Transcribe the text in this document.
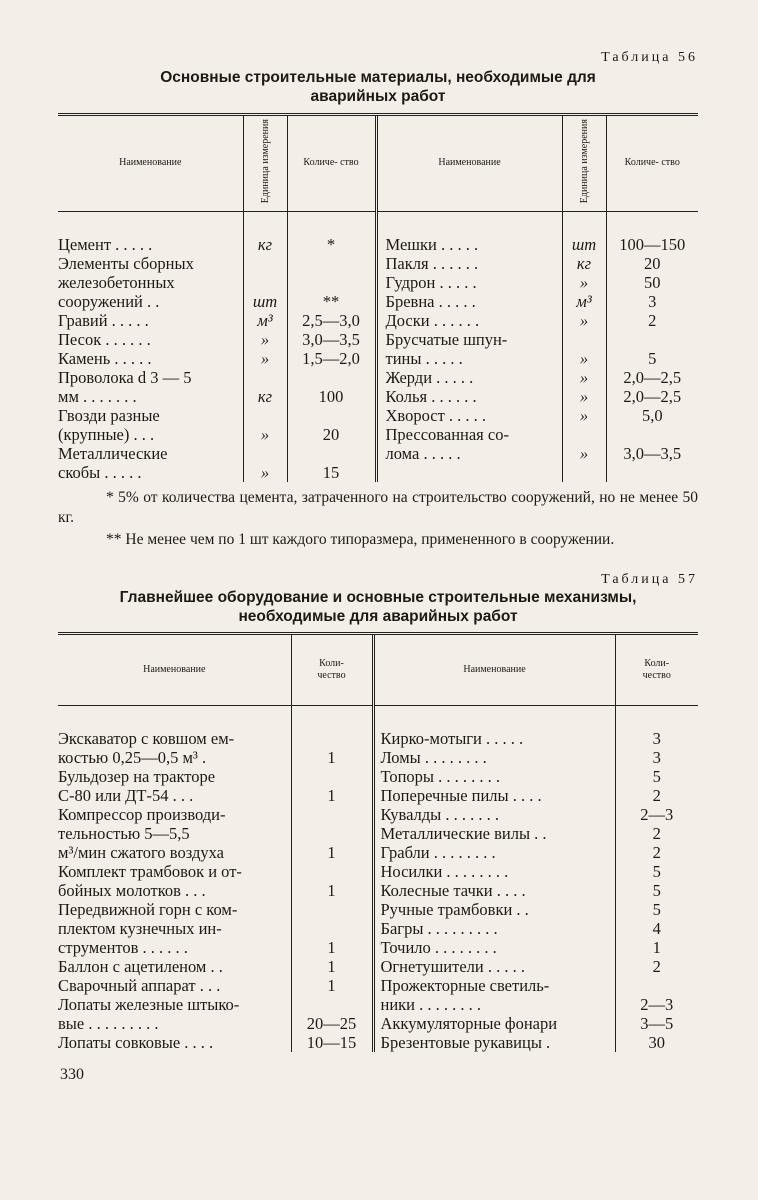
Таблица 56
Основные строительные материалы, необходимые для
аварийных работ
Наименование	Единица измерения	Количе- ство	Наименование	Единица измерения	Количе- ство

Цемент . . . . .	кг	*	Мешки . . . . .	шт	100—150

Элементы сборных			Пакля . . . . . .	кг	20

железобетонных			Гудрон . . . . .	»	50

сооружений . .	шт	**	Бревна . . . . .	м³	3

Гравий . . . . .	м³	2,5—3,0	Доски . . . . . .	»	2

Песок . . . . . .	»	3,0—3,5	Брусчатые шпун-		

Камень . . . . .	»	1,5—2,0	тины . . . . .	»	5

Проволока d 3 — 5			Жерди . . . . .	»	2,0—2,5

мм . . . . . . .	кг	100	Колья . . . . . .	»	2,0—2,5

Гвозди разные			Хворост . . . . .	»	5,0

(крупные) . . .	»	20	Прессованная со-		

Металлические			лома . . . . .	»	3,0—3,5

скобы . . . . .	»	15			

* 5% от количества цемента, затраченного на строительство сооружений, но не менее 50 кг.
** Не менее чем по 1 шт каждого типоразмера, примененного в сооружении.
Таблица 57
Главнейшее оборудование и основные строительные механизмы,
необходимые для аварийных работ
Наименование	Коли- чество	Наименование	Коли- чество

Экскаватор с ковшом ем-		Кирко-мотыги . . . . .	3

костью 0,25—0,5 м³ .	1	Ломы . . . . . . . .	3

Бульдозер на тракторе		Топоры . . . . . . . .	5

С-80 или ДТ-54 . . .	1	Поперечные пилы . . . .	2

Компрессор производи-		Кувалды . . . . . . .	2—3

тельностью 5—5,5		Металлические вилы . .	2

м³/мин сжатого воздуха	1	Грабли . . . . . . . .	2

Комплект трамбовок и от-		Носилки . . . . . . . .	5

бойных молотков . . .	1	Колесные тачки . . . .	5

Передвижной горн с ком-		Ручные трамбовки . .	5

плектом кузнечных ин-		Багры . . . . . . . . .	4

струментов . . . . . .	1	Точило . . . . . . . .	1

Баллон с ацетиленом . .	1	Огнетушители . . . . .	2

Сварочный аппарат . . .	1	Прожекторные светиль-	

Лопаты железные штыко-		ники . . . . . . . .	2—3

вые . . . . . . . . .	20—25	Аккумуляторные фонари	3—5

Лопаты совковые . . . .	10—15	Брезентовые рукавицы .	30
330
